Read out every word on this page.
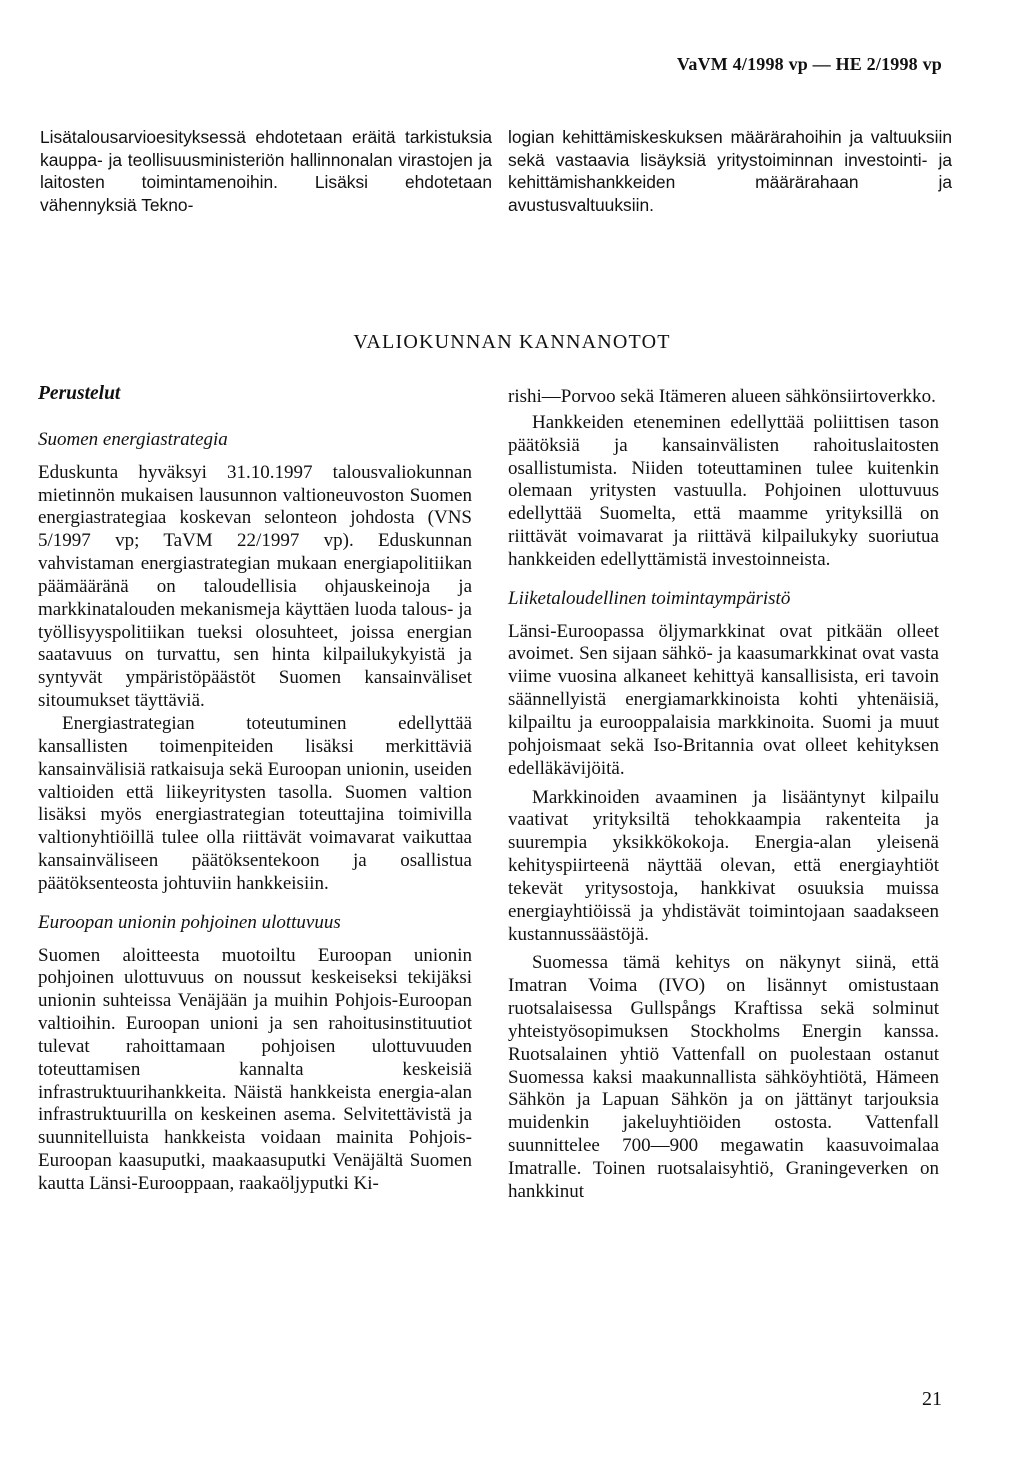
VaVM 4/1998 vp — HE 2/1998 vp
Lisätalousarvioesityksessä ehdotetaan eräitä tarkistuksia kauppa- ja teollisuusministeriön hallinnonalan virastojen ja laitosten toimintamenoihin. Lisäksi ehdotetaan vähennyksiä Tekno-
logian kehittämiskeskuksen määrärahoihin ja valtuuksiin sekä vastaavia lisäyksiä yritystoiminnan investointi- ja kehittämishankkeiden määrärahaan ja avustusvaltuuksiin.
VALIOKUNNAN KANNANOTOT
Perustelut
Suomen energiastrategia

Eduskunta hyväksyi 31.10.1997 talousvaliokunnan mietinnön mukaisen lausunnon valtioneuvoston Suomen energiastrategiaa koskevan selonteon johdosta (VNS 5/1997 vp; TaVM 22/1997 vp). Eduskunnan vahvistaman energiastrategian mukaan energiapolitiikan päämääränä on taloudellisia ohjauskeinoja ja markkinatalouden mekanismeja käyttäen luoda talous- ja työllisyyspolitiikan tueksi olosuhteet, joissa energian saatavuus on turvattu, sen hinta kilpailukykyistä ja syntyvät ympäristöpäästöt Suomen kansainväliset sitoumukset täyttäviä.

Energiastrategian toteutuminen edellyttää kansallisten toimenpiteiden lisäksi merkittäviä kansainvälisiä ratkaisuja sekä Euroopan unionin, useiden valtioiden että liikeyritysten tasolla. Suomen valtion lisäksi myös energiastrategian toteuttajina toimivilla valtionyhtiöillä tulee olla riittävät voimavarat vaikuttaa kansainväliseen päätöksentekoon ja osallistua päätöksenteosta johtuviin hankkeisiin.

Euroopan unionin pohjoinen ulottuvuus

Suomen aloitteesta muotoiltu Euroopan unionin pohjoinen ulottuvuus on noussut keskeiseksi tekijäksi unionin suhteissa Venäjään ja muihin Pohjois-Euroopan valtioihin. Euroopan unioni ja sen rahoitusinstituutiot tulevat rahoittamaan pohjoisen ulottuvuuden toteuttamisen kannalta keskeisiä infrastruktuurihankkeita. Näistä hankkeista energia-alan infrastruktuurilla on keskeinen asema. Selvitettävistä ja suunnitelluista hankkeista voidaan mainita Pohjois-Euroopan kaasuputki, maakaasuputki Venäjältä Suomen kautta Länsi-Eurooppaan, raakaöljyputki Ki-

rishi—Porvoo sekä Itämeren alueen sähkönsiirtoverkko.

Hankkeiden eteneminen edellyttää poliittisen tason päätöksiä ja kansainvälisten rahoituslaitosten osallistumista. Niiden toteuttaminen tulee kuitenkin olemaan yritysten vastuulla. Pohjoinen ulottuvuus edellyttää Suomelta, että maamme yrityksillä on riittävät voimavarat ja riittävä kilpailukyky suoriutua hankkeiden edellyttämistä investoinneista.

Liiketaloudellinen toimintaympäristö

Länsi-Euroopassa öljymarkkinat ovat pitkään olleet avoimet. Sen sijaan sähkö- ja kaasumarkkinat ovat vasta viime vuosina alkaneet kehittyä kansallisista, eri tavoin säännellyistä energiamarkkinoista kohti yhtenäisiä, kilpailtu ja eurooppalaisia markkinoita. Suomi ja muut pohjoismaat sekä Iso-Britannia ovat olleet kehityksen edelläkävijöitä.

Markkinoiden avaaminen ja lisääntynyt kilpailu vaativat yrityksiltä tehokkaampia rakenteita ja suurempia yksikkökokoja. Energia-alan yleisenä kehityspiirteenä näyttää olevan, että energiayhtiöt tekevät yritysostoja, hankkivat osuuksia muissa energiayhtiöissä ja yhdistävät toimintojaan saadakseen kustannussäästöjä.

Suomessa tämä kehitys on näkynyt siinä, että Imatran Voima (IVO) on lisännyt omistustaan ruotsalaisessa Gullspångs Kraftissa sekä solminut yhteistyösopimuksen Stockholms Energin kanssa. Ruotsalainen yhtiö Vattenfall on puolestaan ostanut Suomessa kaksi maakunnallista sähköyhtiötä, Hämeen Sähkön ja Lapuan Sähkön ja on jättänyt tarjouksia muidenkin jakeluyhtiöiden ostosta. Vattenfall suunnittelee 700—900 megawatin kaasuvoimalaa Imatralle. Toinen ruotsalaisyhtiö, Graningeverken on hankkinut

21
